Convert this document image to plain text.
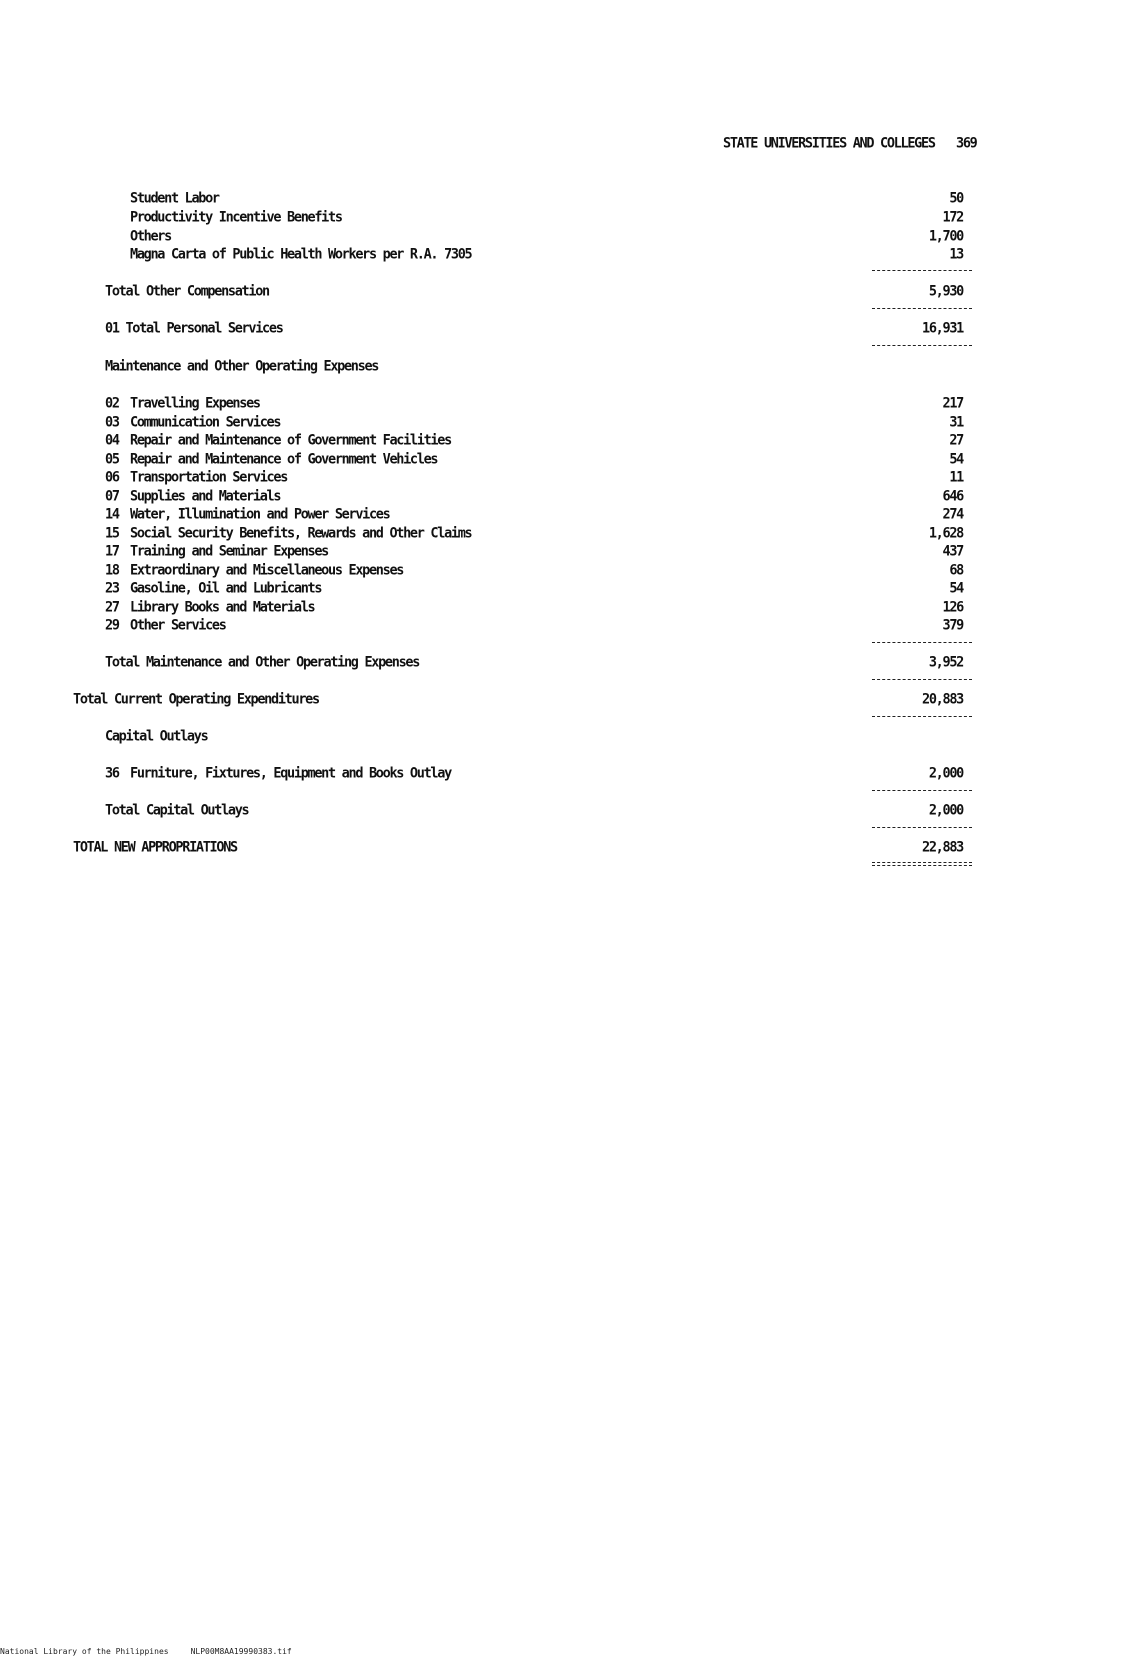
STATE UNIVERSITIES AND COLLEGES 369
Student Labor	50
Productivity Incentive Benefits	172
Others	1,700
Magna Carta of Public Health Workers per R.A. 7305	13
Total Other Compensation	5,930
01 Total Personal Services	16,931
Maintenance and Other Operating Expenses
02 Travelling Expenses	217
03 Communication Services	31
04 Repair and Maintenance of Government Facilities	27
05 Repair and Maintenance of Government Vehicles	54
06 Transportation Services	11
07 Supplies and Materials	646
14 Water, Illumination and Power Services	274
15 Social Security Benefits, Rewards and Other Claims	1,628
17 Training and Seminar Expenses	437
18 Extraordinary and Miscellaneous Expenses	68
23 Gasoline, Oil and Lubricants	54
27 Library Books and Materials	126
29 Other Services	379
Total Maintenance and Other Operating Expenses	3,952
Total Current Operating Expenditures	20,883
Capital Outlays
36 Furniture, Fixtures, Equipment and Books Outlay	2,000
Total Capital Outlays	2,000
TOTAL NEW APPROPRIATIONS	22,883
National Library of the Philippines	NLP00M8AA19990383.tif
